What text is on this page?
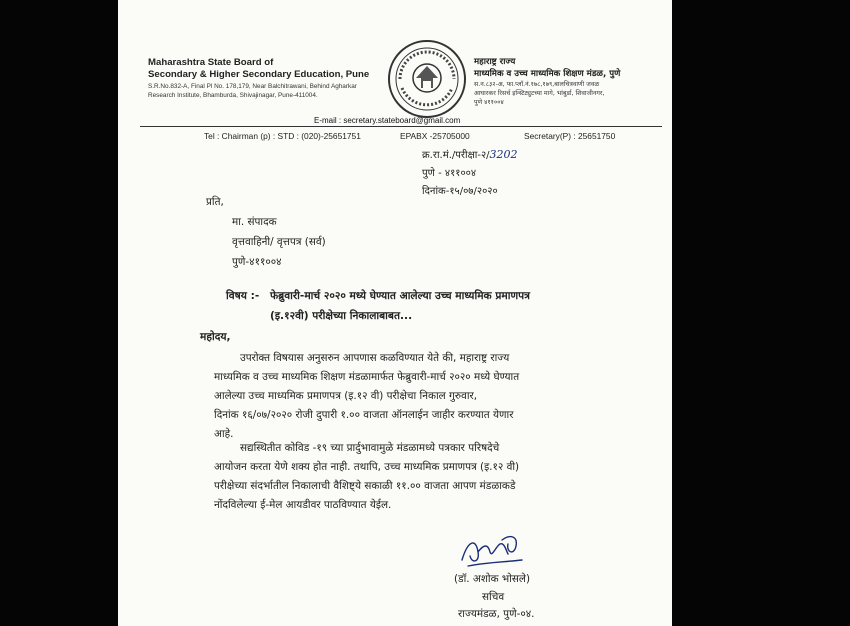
Maharashtra State Board of
Secondary & Higher Secondary Education, Pune
S.R.No.832-A, Final Pl No. 178,179, Near Balchitrawani, Behind Agharkar Research Institute, Bhamburda, Shivajinagar, Pune-411004.
महाराष्ट्र राज्य
माध्यमिक व उच्च माध्यमिक शिक्षण मंडळ, पुणे
स.न.८३२-अ, फा.प्लॉ.नं.१७८,१७९,बालचित्रवाणी जवळ
आघारकर रिसर्च इन्स्टिट्युटच्या मागे, भांबुर्डा, शिवाजीनगर,
पुणे ४११००४
E-mail : secretary.stateboard@gmail.com
Tel : Chairman (p) : STD : (020)-25651751	EPABX -25705000	Secretary(P) : 25651750
क्र.रा.मं./परीक्षा-२/3202
पुणे - ४११००४
दिनांक-१५/०७/२०२०
प्रति,
मा. संपादक
वृत्तवाहिनी/ वृत्तपत्र (सर्व)
पुणे-४११००४
विषय :- फेब्रुवारी-मार्च २०२० मध्ये घेण्यात आलेल्या उच्च माध्यमिक प्रमाणपत्र
(इ.१२वी) परीक्षेच्या निकालाबाबत...
महोदय,
उपरोक्त विषयास अनुसरुन आपणास कळविण्यात येते की, महाराष्ट्र राज्य
माध्यमिक व उच्च माध्यमिक शिक्षण मंडळामार्फत फेब्रुवारी-मार्च २०२० मध्ये घेण्यात
आलेल्या उच्च माध्यमिक प्रमाणपत्र (इ.१२ वी) परीक्षेचा निकाल गुरुवार,
दिनांक १६/०७/२०२० रोजी दुपारी १.०० वाजता ऑनलाईन जाहीर करण्यात येणार
आहे.
सद्यस्थितीत कोविड -१९ च्या प्रार्दुभावामुळे मंडळामध्ये पत्रकार परिषदेचे
आयोजन करता येणे शक्य होत नाही. तथापि, उच्च माध्यमिक प्रमाणपत्र (इ.१२ वी)
परीक्षेच्या संदर्भातील निकालाची वैशिष्ट्ये सकाळी ११.०० वाजता आपण मंडळाकडे
नोंदविलेल्या ई-मेल आयडीवर पाठविण्यात येईल.
(डॉ. अशोक भोसले)
सचिव
राज्यमंडळ, पुणे-०४.
